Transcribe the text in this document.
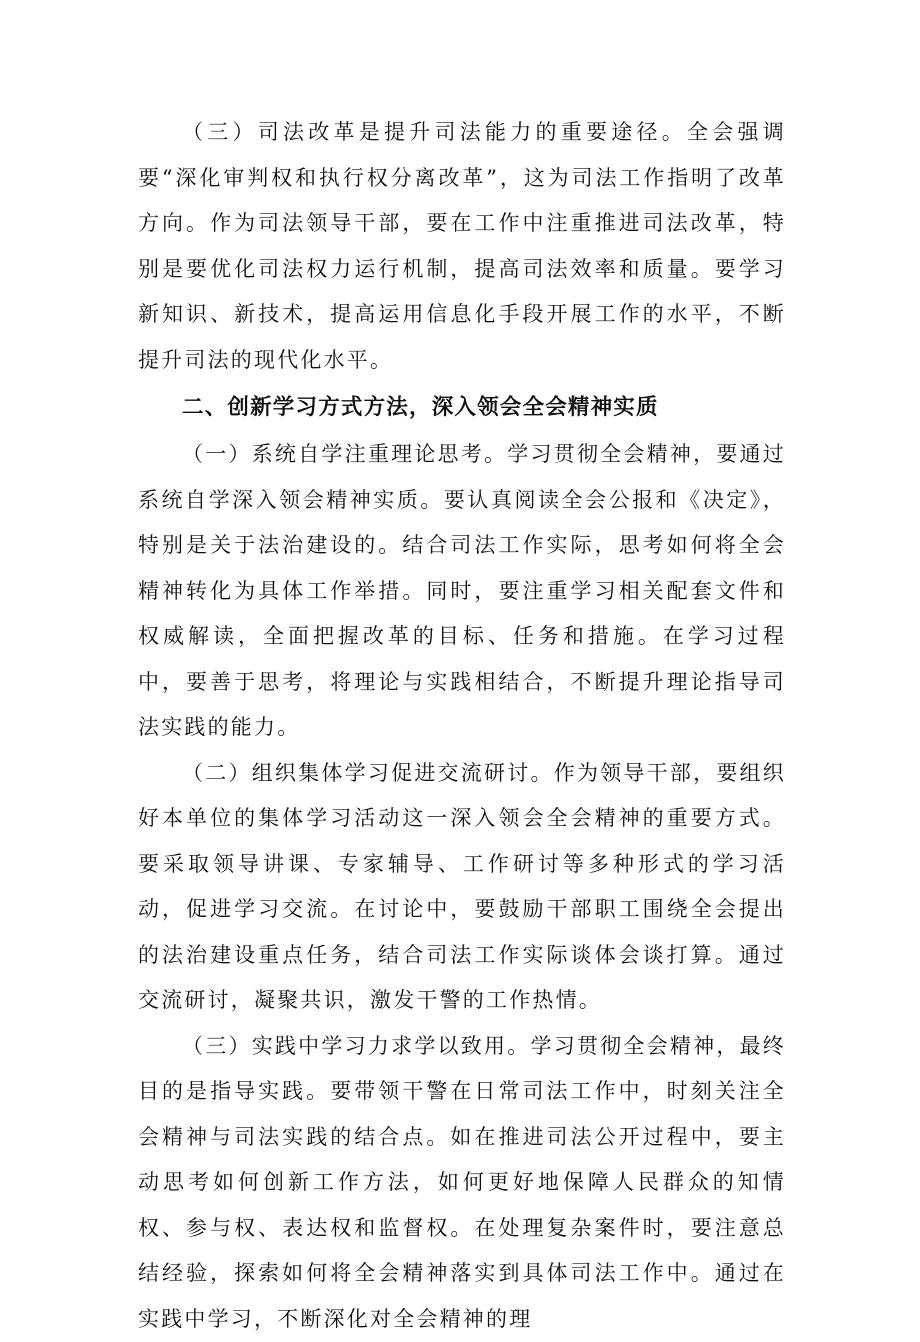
（三）司法改革是提升司法能力的重要途径。全会强调要“深化审判权和执行权分离改革”，这为司法工作指明了改革方向。作为司法领导干部，要在工作中注重推进司法改革，特别是要优化司法权力运行机制，提高司法效率和质量。要学习新知识、新技术，提高运用信息化手段开展工作的水平，不断提升司法的现代化水平。

二、创新学习方式方法，深入领会全会精神实质

（一）系统自学注重理论思考。学习贯彻全会精神，要通过系统自学深入领会精神实质。要认真阅读全会公报和《决定》，特别是关于法治建设的。结合司法工作实际，思考如何将全会精神转化为具体工作举措。同时，要注重学习相关配套文件和权威解读，全面把握改革的目标、任务和措施。在学习过程中，要善于思考，将理论与实践相结合，不断提升理论指导司法实践的能力。

（二）组织集体学习促进交流研讨。作为领导干部，要组织好本单位的集体学习活动这一深入领会全会精神的重要方式。要采取领导讲课、专家辅导、工作研讨等多种形式的学习活动，促进学习交流。在讨论中，要鼓励干部职工围绕全会提出的法治建设重点任务，结合司法工作实际谈体会谈打算。通过交流研讨，凝聚共识，激发干警的工作热情。

（三）实践中学习力求学以致用。学习贯彻全会精神，最终目的是指导实践。要带领干警在日常司法工作中，时刻关注全会精神与司法实践的结合点。如在推进司法公开过程中，要主动思考如何创新工作方法，如何更好地保障人民群众的知情权、参与权、表达权和监督权。在处理复杂案件时，要注意总结经验，探索如何将全会精神落实到具体司法工作中。通过在实践中学习，不断深化对全会精神的理
